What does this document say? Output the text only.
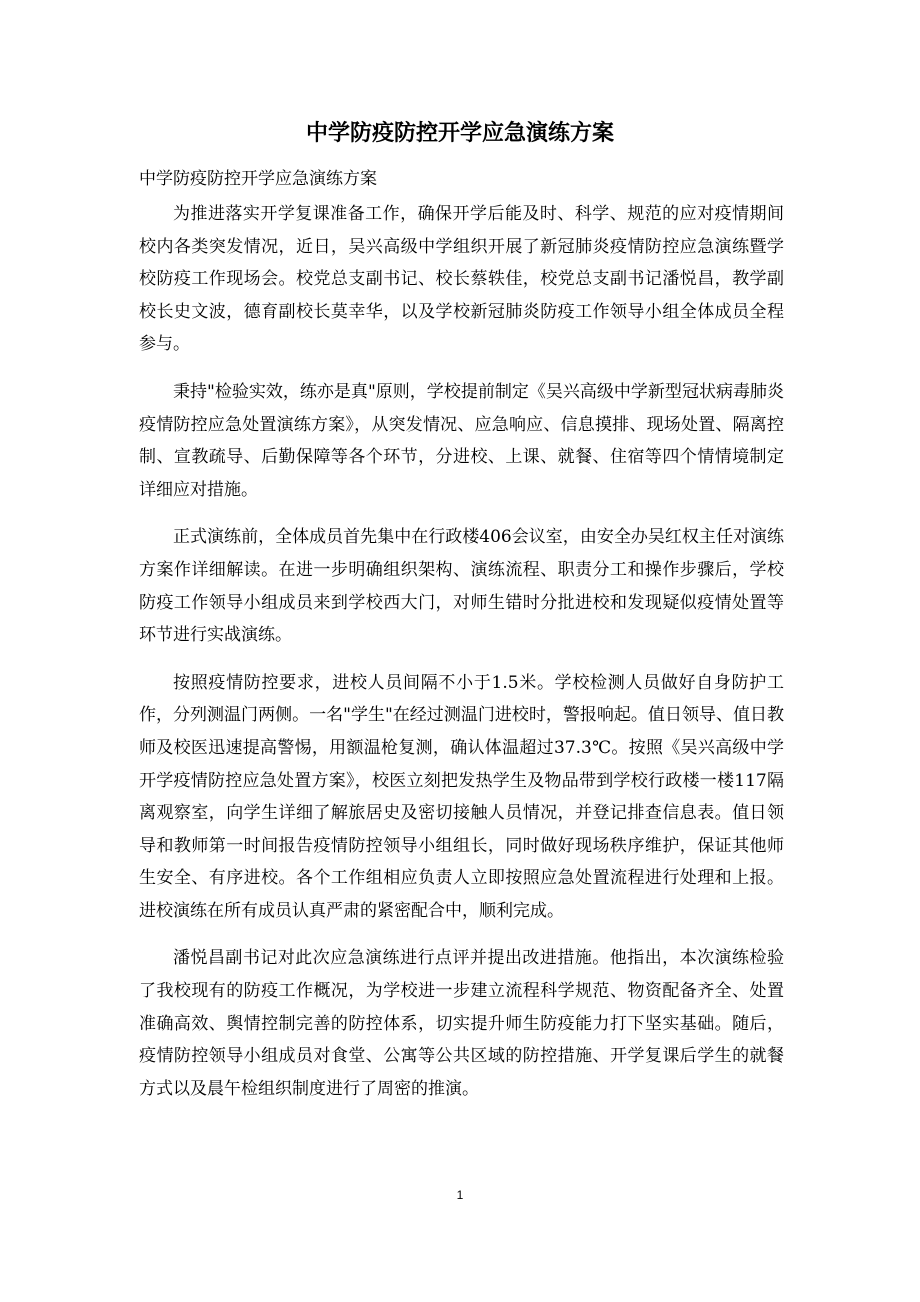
中学防疫防控开学应急演练方案

中学防疫防控开学应急演练方案

为推进落实开学复课准备工作，确保开学后能及时、科学、规范的应对疫情期间校内各类突发情况，近日，吴兴高级中学组织开展了新冠肺炎疫情防控应急演练暨学校防疫工作现场会。校党总支副书记、校长蔡轶佳，校党总支副书记潘悦昌，教学副校长史文波，德育副校长莫幸华，以及学校新冠肺炎防疫工作领导小组全体成员全程参与。

秉持"检验实效，练亦是真"原则，学校提前制定《吴兴高级中学新型冠状病毒肺炎疫情防控应急处置演练方案》，从突发情况、应急响应、信息摸排、现场处置、隔离控制、宣教疏导、后勤保障等各个环节，分进校、上课、就餐、住宿等四个情情境制定详细应对措施。

正式演练前，全体成员首先集中在行政楼406会议室，由安全办吴红权主任对演练方案作详细解读。在进一步明确组织架构、演练流程、职责分工和操作步骤后，学校防疫工作领导小组成员来到学校西大门，对师生错时分批进校和发现疑似疫情处置等环节进行实战演练。

按照疫情防控要求，进校人员间隔不小于1.5米。学校检测人员做好自身防护工作，分列测温门两侧。一名"学生"在经过测温门进校时，警报响起。值日领导、值日教师及校医迅速提高警惕，用额温枪复测，确认体温超过37.3℃。按照《吴兴高级中学开学疫情防控应急处置方案》，校医立刻把发热学生及物品带到学校行政楼一楼117隔离观察室，向学生详细了解旅居史及密切接触人员情况，并登记排查信息表。值日领导和教师第一时间报告疫情防控领导小组组长，同时做好现场秩序维护，保证其他师生安全、有序进校。各个工作组相应负责人立即按照应急处置流程进行处理和上报。进校演练在所有成员认真严肃的紧密配合中，顺利完成。

潘悦昌副书记对此次应急演练进行点评并提出改进措施。他指出，本次演练检验了我校现有的防疫工作概况，为学校进一步建立流程科学规范、物资配备齐全、处置准确高效、舆情控制完善的防控体系，切实提升师生防疫能力打下坚实基础。随后，疫情防控领导小组成员对食堂、公寓等公共区域的防控措施、开学复课后学生的就餐方式以及晨午检组织制度进行了周密的推演。

1
